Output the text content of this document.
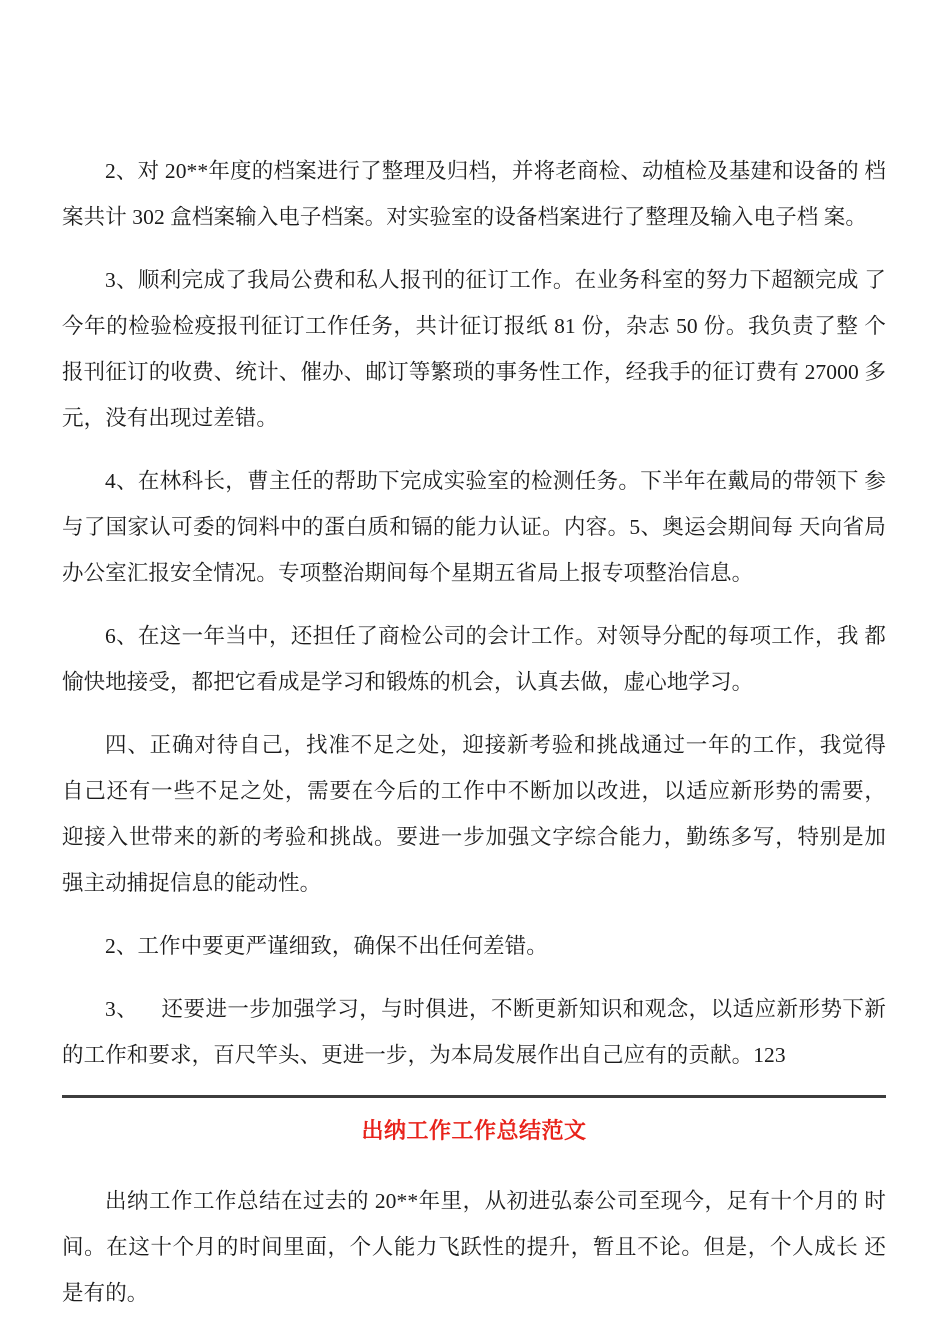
2、对 20**年度的档案进行了整理及归档，并将老商检、动植检及基建和设备的 档案共计 302 盒档案输入电子档案。对实验室的设备档案进行了整理及输入电子档 案。

3、顺利完成了我局公费和私人报刊的征订工作。在业务科室的努力下超额完成 了今年的检验检疫报刊征订工作任务，共计征订报纸 81 份，杂志 50 份。我负责了整 个报刊征订的收费、统计、催办、邮订等繁琐的事务性工作，经我手的征订费有 27000 多元，没有出现过差错。

4、在林科长，曹主任的帮助下完成实验室的检测任务。下半年在戴局的带领下 参与了国家认可委的饲料中的蛋白质和镉的能力认证。内容。5、奥运会期间每 天向省局办公室汇报安全情况。专项整治期间每个星期五省局上报专项整治信息。

6、在这一年当中，还担任了商检公司的会计工作。对领导分配的每项工作，我 都愉快地接受，都把它看成是学习和锻炼的机会，认真去做，虚心地学习。

四、正确对待自己，找准不足之处，迎接新考验和挑战通过一年的工作，我觉得 自己还有一些不足之处，需要在今后的工作中不断加以改进，以适应新形势的需要， 迎接入世带来的新的考验和挑战。要进一步加强文字综合能力，勤练多写，特别是加 强主动捕捉信息的能动性。

2、工作中要更严谨细致，确保不出任何差错。

3、    还要进一步加强学习，与时俱进，不断更新知识和观念，以适应新形势下新 的工作和要求，百尺竿头、更进一步，为本局发展作出自己应有的贡献。123

出纳工作工作总结范文

出纳工作工作总结在过去的 20**年里，从初进弘泰公司至现今，足有十个月的 时间。在这十个月的时间里面，个人能力飞跃性的提升，暂且不论。但是，个人成长 还是有的。
